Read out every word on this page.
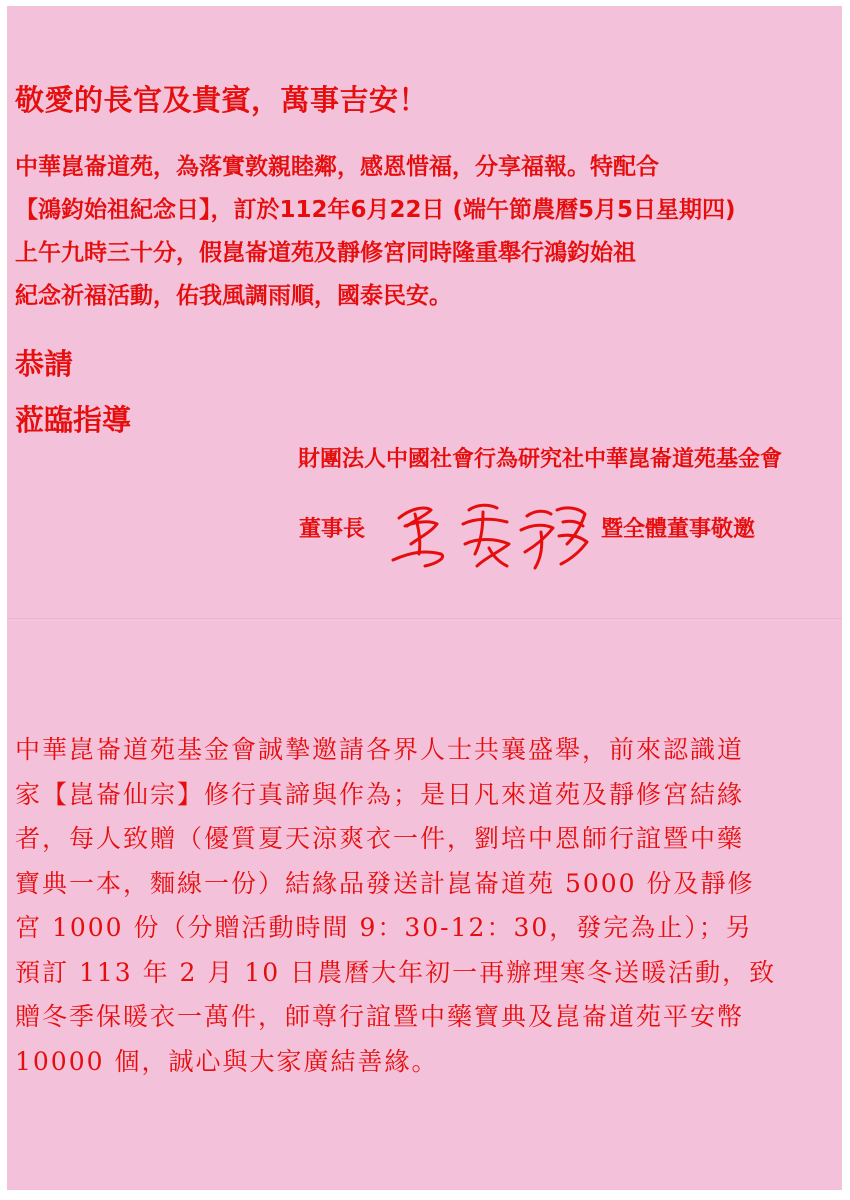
敬愛的長官及貴賓，萬事吉安！
中華崑崙道苑，為落實敦親睦鄰，感恩惜福，分享福報。特配合
【鴻鈞始祖紀念日】，訂於112年6月22日 (端午節農曆5月5日星期四)
上午九時三十分，假崑崙道苑及靜修宮同時隆重舉行鴻鈞始祖
紀念祈福活動，佑我風調雨順，國泰民安。
恭請
蒞臨指導
財團法人中國社會行為研究社中華崑崙道苑基金會
董事長	暨全體董事敬邀
中華崑崙道苑基金會誠摯邀請各界人士共襄盛舉，前來認識道
家【崑崙仙宗】修行真諦與作為；是日凡來道苑及靜修宮結緣
者，每人致贈（優質夏天涼爽衣一件，劉培中恩師行誼暨中藥
寶典一本，麵線一份）結緣品發送計崑崙道苑 5000 份及靜修
宮 1000 份（分贈活動時間 9：30-12：30，發完為止）；另
預訂 113 年 2 月 10 日農曆大年初一再辦理寒冬送暖活動，致
贈冬季保暖衣一萬件，師尊行誼暨中藥寶典及崑崙道苑平安幣
10000 個，誠心與大家廣結善緣。
